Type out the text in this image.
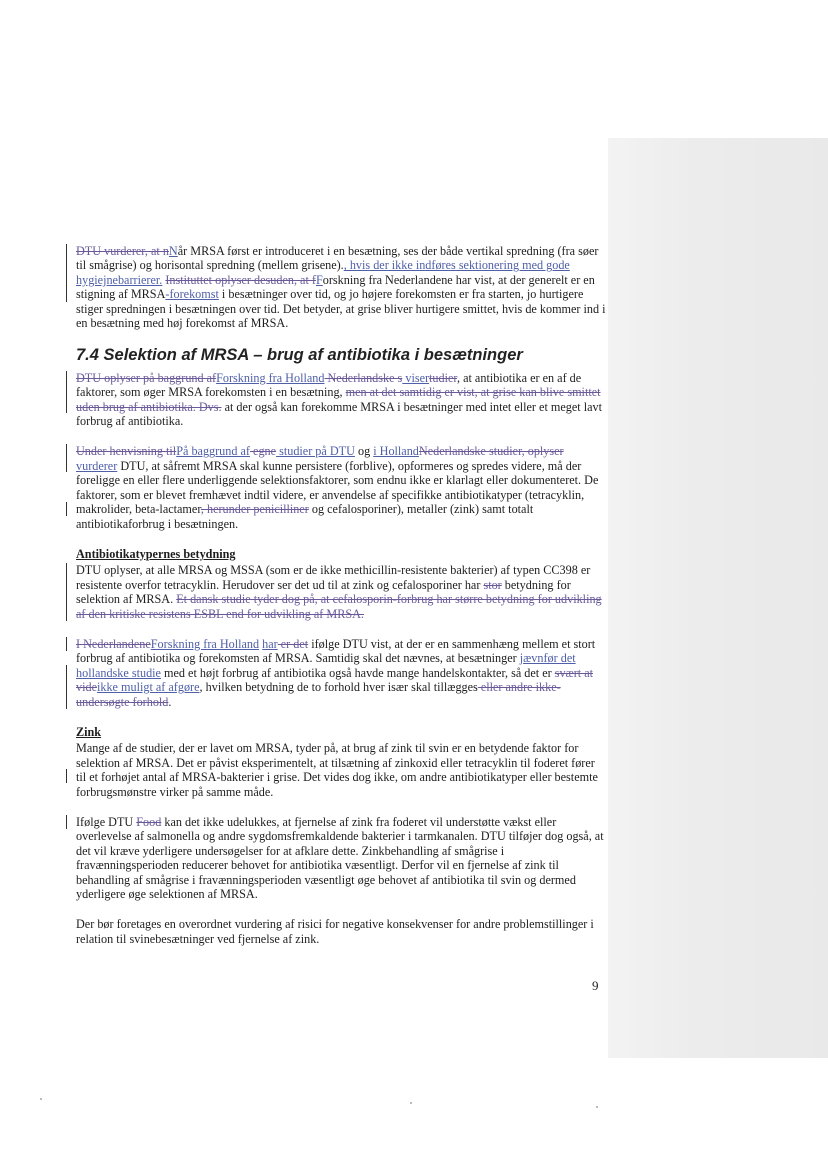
DTU vurderer, at nNår MRSA først er introduceret i en besætning, ses der både vertikal spredning (fra søer til smågrise) og horisontal spredning (mellem grisene)., hvis der ikke indføres sektionering med gode hygiejnebarrierer. Instituttet oplyser desuden, at fForskning fra Nederlandene har vist, at der generelt er en stigning af MRSA-forekomst i besætninger over tid, og jo højere forekomsten er fra starten, jo hurtigere stiger spredningen i besætningen over tid. Det betyder, at grise bliver hurtigere smittet, hvis de kommer ind i en besætning med høj forekomst af MRSA.

7.4 Selektion af MRSA – brug af antibiotika i besætninger

DTU oplyser på baggrund afForskning fra Holland Nederlandske s visertudier, at antibiotika er en af de faktorer, som øger MRSA forekomsten i en besætning, men at det samtidig er vist, at grise kan blive smittet uden brug af antibiotika. Dvs. at der også kan forekomme MRSA i besætninger med intet eller et meget lavt forbrug af antibiotika.

Under henvisning tilPå baggrund af egne studier på DTU og i HollandNederlandske studier, oplyser vurderer DTU, at såfremt MRSA skal kunne persistere (forblive), opformeres og spredes videre, må der foreligge en eller flere underliggende selektionsfaktorer, som endnu ikke er klarlagt eller dokumenteret. De faktorer, som er blevet fremhævet indtil videre, er anvendelse af specifikke antibiotikatyper (tetracyklin, makrolider, beta-lactamer, herunder penicilliner og cefalosporiner), metaller (zink) samt totalt antibiotikaforbrug i besætningen.

Antibiotikatypernes betydning

DTU oplyser, at alle MRSA og MSSA (som er de ikke methicillin-resistente bakterier) af typen CC398 er resistente overfor tetracyklin. Herudover ser det ud til at zink og cefalosporiner har stor betydning for selektion af MRSA. Et dansk studie tyder dog på, at cefalosporin-forbrug har større betydning for udvikling af den kritiske resistens ESBL end for udvikling af MRSA.

I NederlandeneForskning fra Holland har er det ifølge DTU vist, at der er en sammenhæng mellem et stort forbrug af antibiotika og forekomsten af MRSA. Samtidig skal det nævnes, at besætninger jævnfør det hollandske studie med et højt forbrug af antibiotika også havde mange handelskontakter, så det er svært at videikke muligt af afgøre, hvilken betydning de to forhold hver især skal tillægges eller andre ikke-undersøgte forhold.

Zink

Mange af de studier, der er lavet om MRSA, tyder på, at brug af zink til svin er en betydende faktor for selektion af MRSA. Det er påvist eksperimentelt, at tilsætning af zinkoxid eller tetracyklin til foderet fører til et forhøjet antal af MRSA-bakterier i grise. Det vides dog ikke, om andre antibiotikatyper eller bestemte forbrugsmønstre virker på samme måde.

Ifølge DTU Food kan det ikke udelukkes, at fjernelse af zink fra foderet vil understøtte vækst eller overlevelse af salmonella og andre sygdomsfremkaldende bakterier i tarmkanalen. DTU tilføjer dog også, at det vil kræve yderligere undersøgelser for at afklare dette. Zinkbehandling af smågrise i fravænningsperioden reducerer behovet for antibiotika væsentligt. Derfor vil en fjernelse af zink til behandling af smågrise i fravænningsperioden væsentligt øge behovet af antibiotika til svin og dermed yderligere øge selektionen af MRSA.

Der bør foretages en overordnet vurdering af risici for negative konsekvenser for andre problemstillinger i relation til svinebesætninger ved fjernelse af zink.

9
